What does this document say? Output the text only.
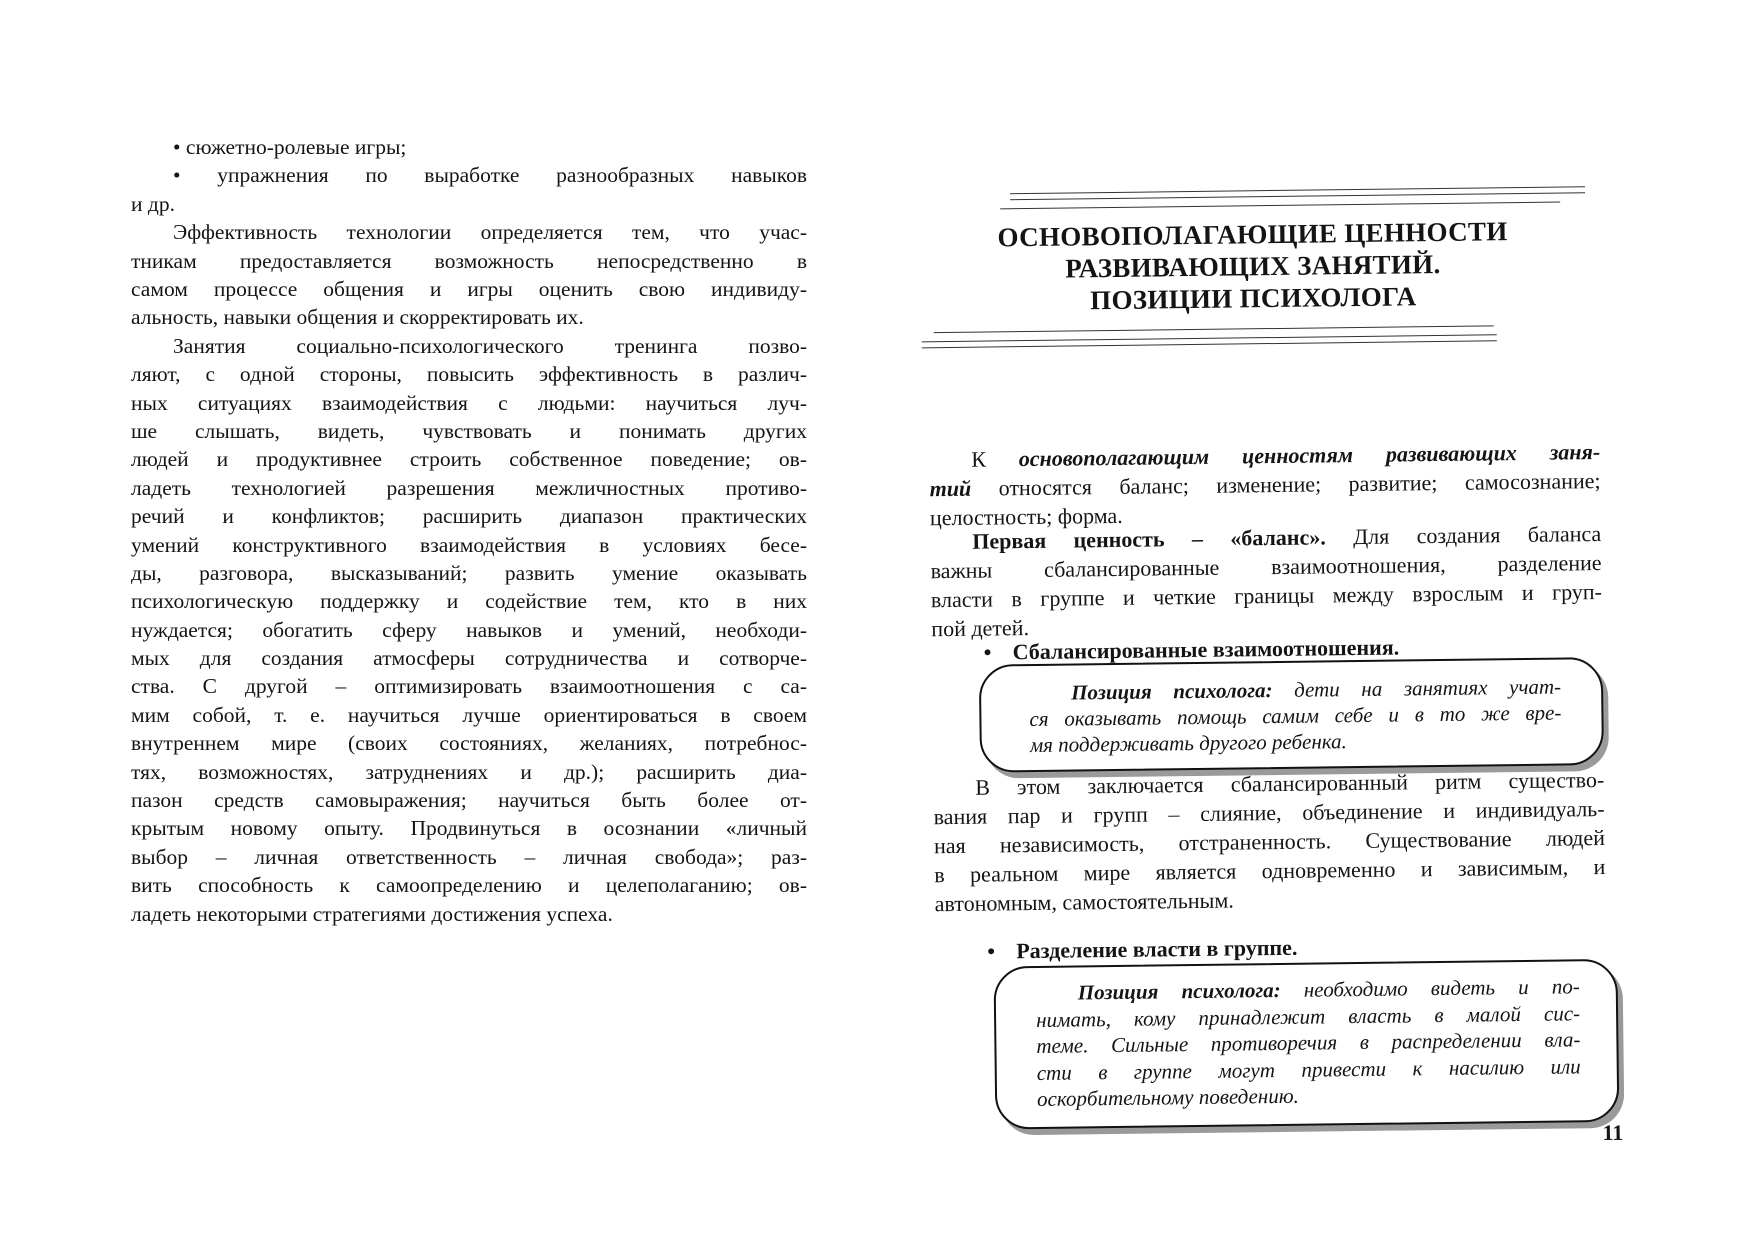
• сюжетно-ролевые игры;
• упражнения по выработке разнообразных навыков
и др.
Эффективность технологии определяется тем, что учас-
тникам предоставляется возможность непосредственно в
самом процессе общения и игры оценить свою индивиду-
альность, навыки общения и скорректировать их.
Занятия социально-психологического тренинга позво-
ляют, с одной стороны, повысить эффективность в различ-
ных ситуациях взаимодействия с людьми: научиться луч-
ше слышать, видеть, чувствовать и понимать других
людей и продуктивнее строить собственное поведение; ов-
ладеть технологией разрешения межличностных противо-
речий и конфликтов; расширить диапазон практических
умений конструктивного взаимодействия в условиях бесе-
ды, разговора, высказываний; развить умение оказывать
психологическую поддержку и содействие тем, кто в них
нуждается; обогатить сферу навыков и умений, необходи-
мых для создания атмосферы сотрудничества и сотворче-
ства. С другой – оптимизировать взаимоотношения с са-
мим собой, т. е. научиться лучше ориентироваться в своем
внутреннем мире (своих состояниях, желаниях, потребнос-
тях, возможностях, затруднениях и др.); расширить диа-
пазон средств самовыражения; научиться быть более от-
крытым новому опыту. Продвинуться в осознании «личный
выбор – личная ответственность – личная свобода»; раз-
вить способность к самоопределению и целеполаганию; ов-
ладеть некоторыми стратегиями достижения успеха.
ОСНОВОПОЛАГАЮЩИЕ ЦЕННОСТИ
РАЗВИВАЮЩИХ ЗАНЯТИЙ.
ПОЗИЦИИ ПСИХОЛОГА
11
К основополагающим ценностям развивающих заня-
тий относятся баланс; изменение; развитие; самосознание;
целостность; форма.
Первая ценность – «баланс». Для создания баланса
важны сбалансированные взаимоотношения, разделение
власти в группе и четкие границы между взрослым и груп-
пой детей.
• Сбалансированные взаимоотношения.
Позиция психолога: дети на занятиях учат-
ся оказывать помощь самим себе и в то же вре-
мя поддерживать другого ребенка.
В этом заключается сбалансированный ритм существо-
вания пар и групп – слияние, объединение и индивидуаль-
ная независимость, отстраненность. Существование людей
в реальном мире является одновременно и зависимым, и
автономным, самостоятельным.
• Разделение власти в группе.
Позиция психолога: необходимо видеть и по-
нимать, кому принадлежит власть в малой сис-
теме. Сильные противоречия в распределении вла-
сти в группе могут привести к насилию или
оскорбительному поведению.
